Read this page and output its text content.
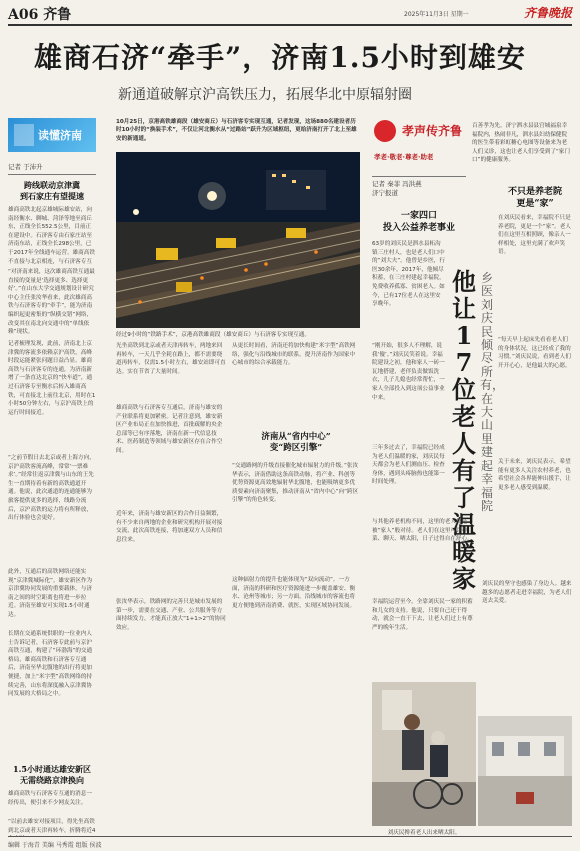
A06 齐鲁	2025年11月3日 星期一	齐鲁晚报
雄商石济“牵手”，济南1.5小时到雄安
新通道破解京沪高铁压力，拓展华北中原辐射圈
读懂济南
记者 于沛升
跨线联动京津冀
到石家庄有望提速
雄商高铁北起京雄城际雄安站，向南经衡水、聊城、菏泽等地至商丘东，正线全长552.5公里，目前正在建设中。石济客专由石家庄站至济南东站，正线全长298公里，已于2017年全线通车运营。雄商高铁不直接与北京相连，与石济客专互
“对济南来说，这次雄商高铁互通最直接的变量是‘选择更多、选择更好’。”在山东大学交通规划设计研究中心主任张汝华看来，此次雄商高铁与石济客专的“牵手”，能为济南编织起更密集的“纵横交错”网络，改变其在南北向交通中的“单线依赖”现状。
记者梳理发现，此前，济南北上京津冀的客流多依赖京沪高铁，高峰时段运能紧张问题日益凸显。雄商高铁与石济客专的连通，为济南新增了一条直达北京的“快车道”，通过石济客专至衡水后转入雄商高铁，可直接北上前往北京，用时在1小时50分钟左右，与京沪高铁上的运行时间接近。
“之前节假日去北京或者上海方向，京沪高铁客流高峰，常常‘一票难求’。”经常往返京津冀与山东的王先生一直期待着有新的高铁通道开通。他说，此次通道的连通能够为旅客提供更多的选择，线路分流后，京沪高铁的运力将有所释放，出行体验也会更好。
此外，互通后的高铁网络还能实现“京津冀城际化”。雄安新区作为京津冀协同发展的重要载体，与济南之间的时空距离也将进一步拉近。济南至雄安可实现1.5小时通达。
长期在交通系统供职的一位业内人士告诉记者，石济客专此前与京沪高铁互通，构建了“环渤海”的交通格局，雄商高铁和石济客专互通后，济南至华北腹地的出行将更加便捷，加上“米字型”高铁网络的持续完善，山东将深度融入京津冀协同发展的大格局之中。
1.5小时通达雄安新区
无需绕路京津换向
雄商高铁与石济客专互通的消息一经传出，便引来不少网友关注。
“以前去雄安对接项目，得先坐高铁到北京或者天津再转车，折腾将近4
10月25日，京港高铁雄商段（雄安商丘）与石济客专实现互通，记者发现，这场880名建设者历时10小时的“换装手术”，不仅让河北衡水从“过路站”跃升为区域枢纽，更给济南打开了北上至雄安的新通道。
经过9小时的“铁路手术”，京港高铁雄商段（雄安商丘）与石济客专实现互通。
光坐高铁到北京或者天津再转车，两地来回再转车，一天几乎全耗在路上，都不需要绕道再转车，仅需1.5小时左右，雄安站即可直达。实在节省了大量时间。
雄商高铁与石济客专互通后，济南与雄安的产业联系将更加紧密。记者注意到，雄安新区产业布局正在加快推进，首批疏解的央企总部等已有序落地，济南在新一代信息技术、医药制造等领域与雄安新区存在合作空间。
近年来，济南与雄安新区的合作日益频繁，有不少来自两地的企业和研究机构开展对接交流，此次高铁连接，将加速双方人员和信息往来。
张汝华表示，铁路网的完善只是城市发展的第一步，需要在交通、产业、公共服务等方面持续发力，才能真正放大“1+1>2”的协同效应。
从更长时间看，济南还将加快构建“米字型”高铁网络，强化与沿线城市的联系，提升济南作为国家中心城市的综合承载能力。
济南从“省内中心”
变“跨区引擎”
“交通路网的升级直接催化城市辐射力的升级。”张汝华表示，济南借助这条高铁动脉，将产业、科创等优势资源更高效地辐射华北腹地，也能吸纳更多优质要素向济南聚集，推动济南从“省内中心”向“跨区引擎”的角色转变。
这种辐射力的提升也能体现为“双向流动”。一方面，济南的科研和医疗资源能进一步覆盖雄安、衡水、沧州等城市；另一方面，沿线城市的客流也将更方便地到济南消费、就医，实现区域协同发展。
孝声传齐鲁
孝老·敬老·尊老·助老
百善孝为先。济宁泗水县县官城福泉幸福院内，热闹非凡，泗水县妇幼保健院的医生带着彩虹糖心电图等设备来为老人们义诊，这也让老人们享受到了“家门口”的健康服务。
记者 秦菲 冯洪燕
济宁报道
一家四口
投入公益养老事业
63岁的刘庆民是泗水县柘沟镇三庄村人，也是老人们口中的“刘大夫”。他曾是乡医，行医30余年。2017年，他倾尽积蓄，在三庄村建起幸福院，免费收养孤寡、贫困老人。如今，已有17位老人在这里安享晚年。
“刚开始，很多人不理解，说我‘傻’。”刘庆民笑着说。幸福院建设之初，他和家人一砖一瓦地搭建，老伴负责做饭洗衣，儿子儿媳也经常帮忙，一家人全部投入到这项公益事业中来。
三年多过去了，幸福院已经成为老人们温暖的家，刘庆民每天都会为老人们测血压、检查身体，遇到头疼脑热也能第一时间处理。
他让17位老人有了温暖家
乡医刘庆民倾尽所有，在大山里建起幸福院
与其他养老机构不同，这里的老人都是被“家人”般对待。老人们在这里可以种菜、聊天、晒太阳，日子过得自在舒心。
幸福院运营至今，全靠刘庆民一家的积蓄和儿女的支持。他说，只要自己还干得动，就会一直干下去，让老人们过上有尊严的晚年生活。
不只是养老院
更是“家”
在刘庆民看来，幸福院不只是养老院，更是一个“家”。老人们在这里互相照顾，像亲人一样相处，这里充满了欢声笑语。
“每天早上起床先看看老人们的身体状况，这已经成了我的习惯。”刘庆民说，看到老人们开开心心，是他最大的心愿。
关于未来，刘庆民表示，希望能有更多人关注农村养老，也希望社会各界能伸出援手，让更多老人感受到温暖。
刘庆民的坚守也感染了身边人。越来越多的志愿者走进幸福院，为老人们送去关爱。
刘庆民搀着老人出来晒太阳。
编辑 于海青 美编 马秀霞 组版 侯波
